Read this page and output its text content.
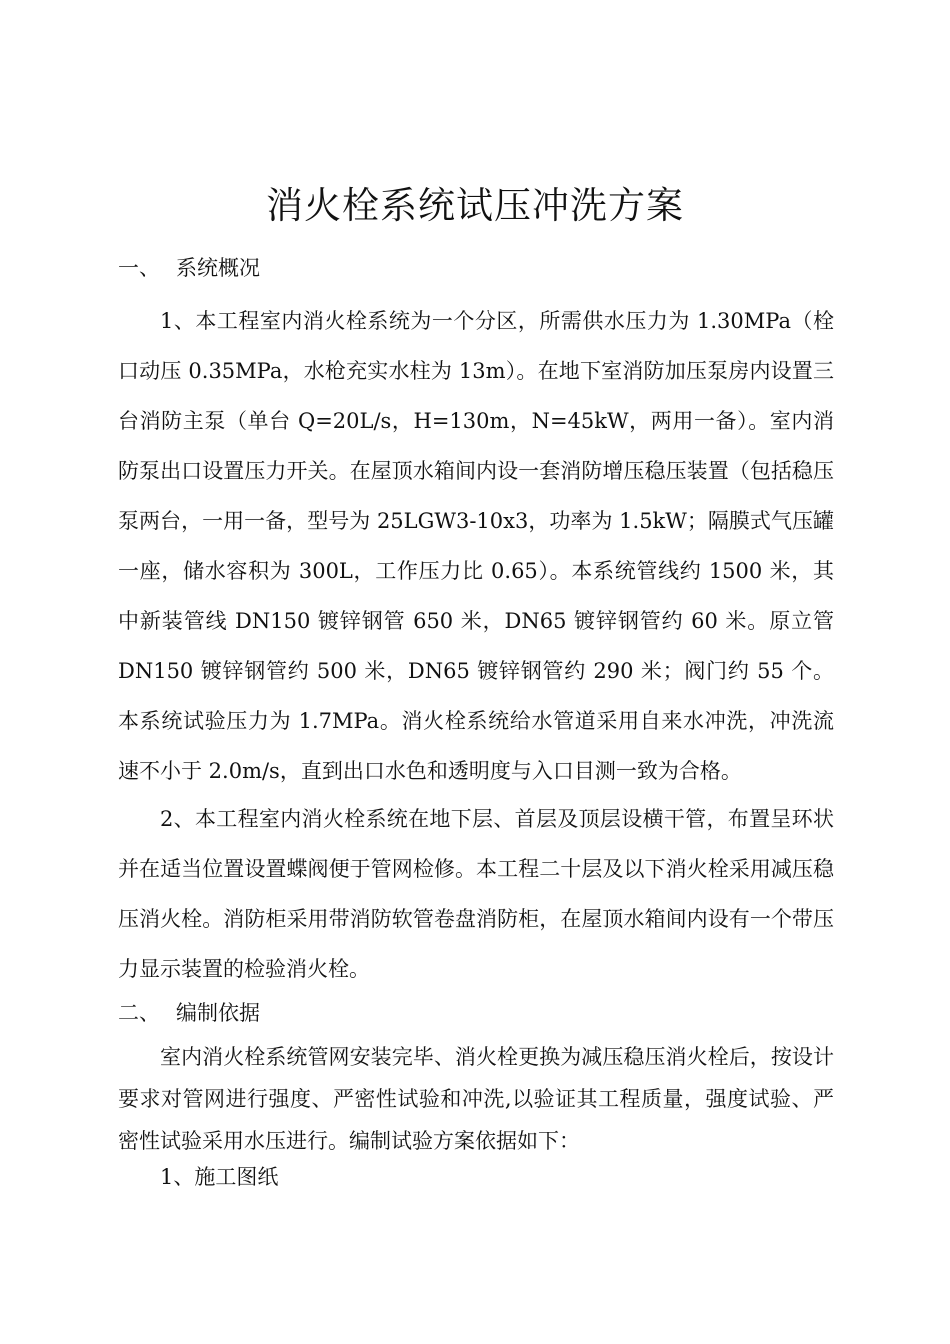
消火栓系统试压冲洗方案
一、 系统概况

1、本工程室内消火栓系统为一个分区，所需供水压力为 1.30MPa（栓口动压 0.35MPa，水枪充实水柱为 13m）。在地下室消防加压泵房内设置三台消防主泵（单台 Q=20L/s，H=130m，N=45kW，两用一备）。室内消防泵出口设置压力开关。在屋顶水箱间内设一套消防增压稳压装置（包括稳压泵两台，一用一备，型号为 25LGW3-10x3，功率为 1.5kW；隔膜式气压罐一座，储水容积为 300L，工作压力比 0.65）。本系统管线约 1500 米，其中新装管线 DN150 镀锌钢管 650 米，DN65 镀锌钢管约 60 米。原立管 DN150 镀锌钢管约 500 米，DN65 镀锌钢管约 290 米；阀门约 55 个。本系统试验压力为 1.7MPa。消火栓系统给水管道采用自来水冲洗，冲洗流速不小于 2.0m/s，直到出口水色和透明度与入口目测一致为合格。

2、本工程室内消火栓系统在地下层、首层及顶层设横干管，布置呈环状并在适当位置设置蝶阀便于管网检修。本工程二十层及以下消火栓采用减压稳压消火栓。消防柜采用带消防软管卷盘消防柜，在屋顶水箱间内设有一个带压力显示装置的检验消火栓。

二、 编制依据

室内消火栓系统管网安装完毕、消火栓更换为减压稳压消火栓后，按设计要求对管网进行强度、严密性试验和冲洗,以验证其工程质量，强度试验、严密性试验采用水压进行。编制试验方案依据如下：

1、施工图纸
